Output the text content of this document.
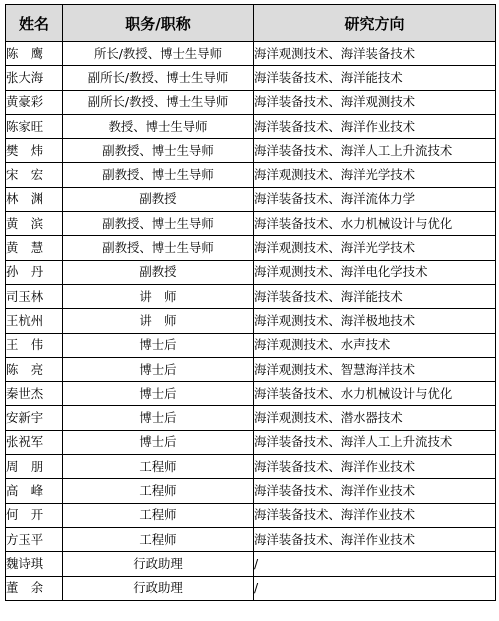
姓名	职务/职称	研究方向
陈　鹰	所长/教授、博士生导师	海洋观测技术、海洋装备技术
张大海	副所长/教授、博士生导师	海洋装备技术、海洋能技术
黄豪彩	副所长/教授、博士生导师	海洋装备技术、海洋观测技术
陈家旺	教授、博士生导师	海洋装备技术、海洋作业技术
樊　炜	副教授、博士生导师	海洋装备技术、海洋人工上升流技术
宋　宏	副教授、博士生导师	海洋观测技术、海洋光学技术
林　渊	副教授	海洋装备技术、海洋流体力学
黄　滨	副教授、博士生导师	海洋装备技术、水力机械设计与优化
黄　慧	副教授、博士生导师	海洋观测技术、海洋光学技术
孙　丹	副教授	海洋观测技术、海洋电化学技术
司玉林	讲　师	海洋装备技术、海洋能技术
王杭州	讲　师	海洋观测技术、海洋极地技术
王　伟	博士后	海洋观测技术、水声技术
陈　亮	博士后	海洋观测技术、智慧海洋技术
秦世杰	博士后	海洋装备技术、水力机械设计与优化
安新宇	博士后	海洋观测技术、潜水器技术
张祝军	博士后	海洋装备技术、海洋人工上升流技术
周　朋	工程师	海洋装备技术、海洋作业技术
高　峰	工程师	海洋装备技术、海洋作业技术
何　开	工程师	海洋装备技术、海洋作业技术
方玉平	工程师	海洋装备技术、海洋作业技术
魏诗琪	行政助理	/
董　余	行政助理	/
